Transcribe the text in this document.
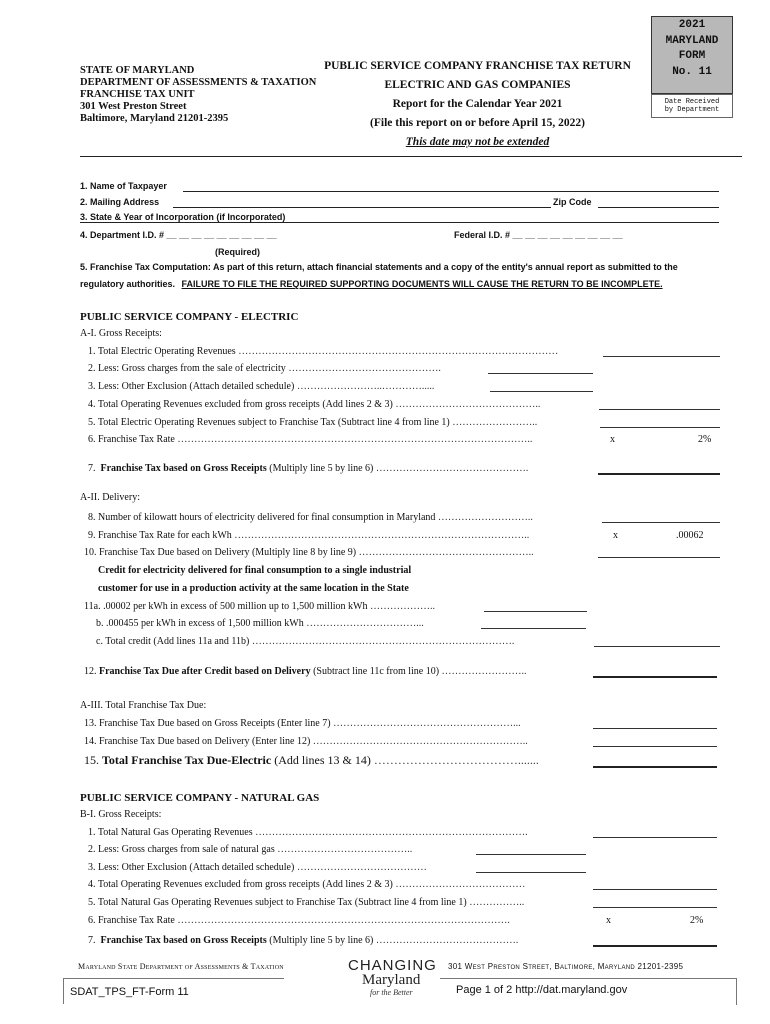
STATE OF MARYLAND
DEPARTMENT OF ASSESSMENTS & TAXATION
FRANCHISE TAX UNIT
301 West Preston Street
Baltimore, Maryland 21201-2395
PUBLIC SERVICE COMPANY FRANCHISE TAX RETURN
ELECTRIC AND GAS COMPANIES
Report for the Calendar Year 2021
(File this report on or before April 15, 2022)
This date may not be extended
2021
MARYLAND
FORM
No. 11
Date Received
by Department
1. Name of Taxpayer
2. Mailing Address	Zip Code
3. State & Year of Incorporation (if Incorporated)
4. Department I.D. # __ __ __ __ __ __ __ __ __	Federal I.D. # __ __ __ __ __ __ __ __ __
(Required)
5. Franchise Tax Computation: As part of this return, attach financial statements and a copy of the entity's annual report as submitted to the
regulatory authorities. FAILURE TO FILE THE REQUIRED SUPPORTING DOCUMENTS WILL CAUSE THE RETURN TO BE INCOMPLETE.
PUBLIC SERVICE COMPANY - ELECTRIC
A-I. Gross Receipts:
1. Total Electric Operating Revenues ……………………………………………………………………………………
2. Less: Gross charges from the sale of electricity ……………………………………….
3. Less: Other Exclusion (Attach detailed schedule) ……………………..………….....
4. Total Operating Revenues excluded from gross receipts (Add lines 2 & 3) ……………………………………..
5. Total Electric Operating Revenues subject to Franchise Tax (Subtract line 4 from line 1) ……………………..
6. Franchise Tax Rate ……………………………………………………………………………………………..	x	2%
7. Franchise Tax based on Gross Receipts (Multiply line 5 by line 6) ……………………………………….
A-II. Delivery:
8. Number of kilowatt hours of electricity delivered for final consumption in Maryland ………………………..
9. Franchise Tax Rate for each kWh ……………………………………………………………………………..	x	.00062
10. Franchise Tax Due based on Delivery (Multiply line 8 by line 9) ……………………………………………..
Credit for electricity delivered for final consumption to a single industrial
customer for use in a production activity at the same location in the State
11a. .00002 per kWh in excess of 500 million up to 1,500 million kWh ………………..
b. .000455 per kWh in excess of 1,500 million kWh ……………………………...
c. Total credit (Add lines 11a and 11b) …………………………………………………………………….
12. Franchise Tax Due after Credit based on Delivery (Subtract line 11c from line 10) ……………………..
A-III. Total Franchise Tax Due:
13. Franchise Tax Due based on Gross Receipts (Enter line 7) ………………………………………………...
14. Franchise Tax Due based on Delivery (Enter line 12) ………………………………………………………..
15. Total Franchise Tax Due-Electric (Add lines 13 & 14) ……………………………….......
PUBLIC SERVICE COMPANY - NATURAL GAS
B-I. Gross Receipts:
1. Total Natural Gas Operating Revenues ……………………………………………………………………….
2. Less: Gross charges from sale of natural gas …………………………………..
3. Less: Other Exclusion (Attach detailed schedule) …………………………………
4. Total Operating Revenues excluded from gross receipts (Add lines 2 & 3) …………………………………
5. Total Natural Gas Operating Revenues subject to Franchise Tax (Subtract line 4 from line 1) ……………..
6. Franchise Tax Rate ……………………………………………………………………………………….	x	2%
7. Franchise Tax based on Gross Receipts (Multiply line 5 by line 6) …………………………………….
Maryland State Department of Assessments & Taxation	CHANGING
Maryland
for the Better
301 West Preston Street, Baltimore, Maryland 21201-2395
SDAT_TPS_FT-Form 11	Page 1 of 2 http://dat.maryland.gov
